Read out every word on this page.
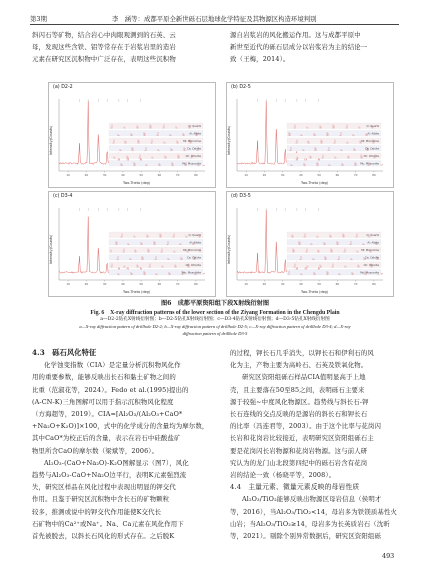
第3期	李　涵等：成都平原全新世砾石层地球化学特征及其物源区构造环境判别

斜闪石等矿物，结合岩心中肉眼观测到的石英、云

母，发现这些含铁、铝等常存在于岩浆岩里的造岩

元素在研究区沉积物中广泛存在，表明这些沉积物

源自岩浆岩的风化搬运作用。这与成都平原中

新世至近代的砾石层成分以岩浆岩为主的结论一

致（王梅，2014）。

10	20	30	40	50	60	70	80
Q: Quartz
Al: Albite
Mi: Microcline
Ca: Calcite
Ch: Chlorite
Mu: Muscovite
(a) D2-2
Two-Theta (deg)
Intensity(Counts)
10	20	30	40	50	60	70	80
Q: Quartz
Al: Albite
Mi: Microcline
Ca: Calcite
Ch: Chlorite
Mu: Muscovite
(b) D2-5
Two-Theta (deg)
Intensity(Counts)
10	20	30	40	50	60	70	80
Q: Quartz
Al: Albite
Mi: Microcline
Ca: Calcite
Ch: Chlorite
Mu: Muscovite
(c) D3-4
Two-Theta (deg)
Intensity(Counts)
10	20	30	40	50	60	70	80
Q: Quartz
Al: Albite
Mi: Microcline
Ca: Calcite
Ch: Chlorite
Mu: Muscovite
(d) D3-5
Two-Theta (deg)
Intensity(Counts)
图6　成都平原资阳组下段X射线衍射图
Fig. 6　X-ray diffraction patterns of the lower section of the Ziyang Formation in the Chengdu Plain
a—D2-2钻孔X射线衍射图；b—D2-5钻孔X射线衍射图；c—D3-4钻孔X射线衍射图；d—D3-5钻孔X射线衍射图
a—X-ray diffraction pattern of drillhole D2-2; b—X-ray diffraction pattern of drillhole D2-5; c—X-ray diffraction pattern of drillhole D3-4; d—X-ray
diffraction pattern of drillhole D3-5

4.3　砾石风化特征

化学蚀变指数（CIA）是定量分析沉积物风化作

用的重要参数，能够反映出长石和黏土矿物之间的

比重（范淑花等，2024）。Fedo et al.(1995)提出的

(A-CN-K)三角图解可以用于指示沉积物风化程度

（方海超等，2019）。CIA=[Al₂O₃/(Al₂O₃+CaO*

+Na₂O+K₂O)]×100，式中的化学成分的含量均为摩尔数，

其中CaO*为校正后的含量，表示在岩石中硅酸盐矿

物里所含CaO的摩尔数（梁斌等，2006）。

Al₂O₃-(CaO+Na₂O)-K₂O图解显示（图7），风化

趋势与Al₂O₃-CaO+Na₂O边平行，表明K元素强烈流

失，研究区样品在风化过程中表现出明显的钾交代

作用。且鉴于研究区沉积物中含长石的矿物颗粒

较多，推测或说中的钾交代作用能使K交代长

石矿物中的Ca²⁺或Na⁺。Na、Ca元素在风化作用下

首先被脱去，以斜长石风化的形式存在。之后脱K

的过程，钾长石几乎消失，以钾长石和伊利石的风

化为主，产物主要为高岭石、石英及铁氧化物。

研究区资阳组砾石样品CIA值明显高于上地

壳，且主要落在50至85之间，表明砾石主要来

源于较强~中度风化物源区。趋势线与斜长石-钾

长石连线的交点反映的是源岩的斜长石和钾长石

的比率（冯连君等，2003）。由于这个比率与花岗闪

长岩和花岗岩比较接近，表明研究区资阳组砾石主

要是花岗闪长岩物源和花岗岩物源。这与前人研

究认为的龙门山北段第四纪中的砾石岩含有花岗

岩的结论一致（杨晓平等，2008）。

4.4　主量元素、微量元素反映的母岩性质

Al₂O₃/TiO₂能够反映出物源区母岩信息（侯明才

等，2016），当Al₂O₃/TiO₂<14，母岩多为铁镁质基性火

山岩；当Al₂O₃/TiO₂≥14，母岩多为长英质岩石（沈昕

等，2021）。剔除个别异常数据后，研究区资阳组砾

493
